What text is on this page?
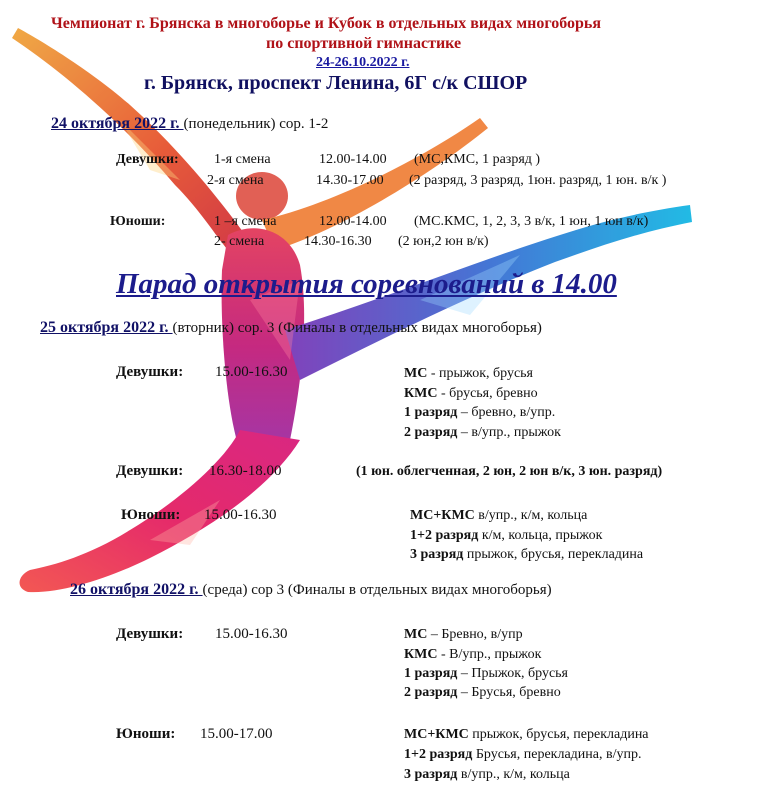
Чемпионат г. Брянска в многоборье и Кубок в отдельных видах многоборья
по спортивной гимнастике
24-26.10.2022 г.
г. Брянск, проспект Ленина, 6Г с/к СШОР
24 октября 2022 г. (понедельник) сор. 1-2
Девушки:	1-я смена	12.00-14.00 (МС,КМС, 1 разряд )
2-я смена	14.30-17.00 (2 разряд, 3 разряд, 1юн. разряд, 1 юн. в/к )
Юноши:	1 –я смена	12.00-14.00 (МС.КМС, 1, 2, 3, 3 в/к, 1 юн, 1 юн в/к)
2- смена	14.30-16.30 (2 юн,2 юн в/к)
Парад открытия соревнований в 14.00
25 октября 2022 г. (вторник) сор. 3 (Финалы в отдельных видах многоборья)
Девушки: 15.00-16.30	МС - прыжок, брусья
КМС - брусья, бревно
1 разряд – бревно, в/упр.
2 разряд – в/упр., прыжок
Девушки: 16.30-18.00	(1 юн. облегченная, 2 юн, 2 юн в/к, 3 юн. разряд)
Юноши: 15.00-16.30	МС+КМС в/упр., к/м, кольца
1+2 разряд к/м, кольца, прыжок
3 разряд прыжок, брусья, перекладина
26 октября 2022 г. (среда) сор 3 (Финалы в отдельных видах многоборья)
Девушки: 15.00-16.30	МС – Бревно, в/упр
КМС - В/упр., прыжок
1 разряд – Прыжок, брусья
2 разряд – Брусья, бревно
Юноши: 15.00-17.00	МС+КМС прыжок, брусья, перекладина
1+2 разряд Брусья, перекладина, в/упр.
3 разряд в/упр., к/м, кольца
